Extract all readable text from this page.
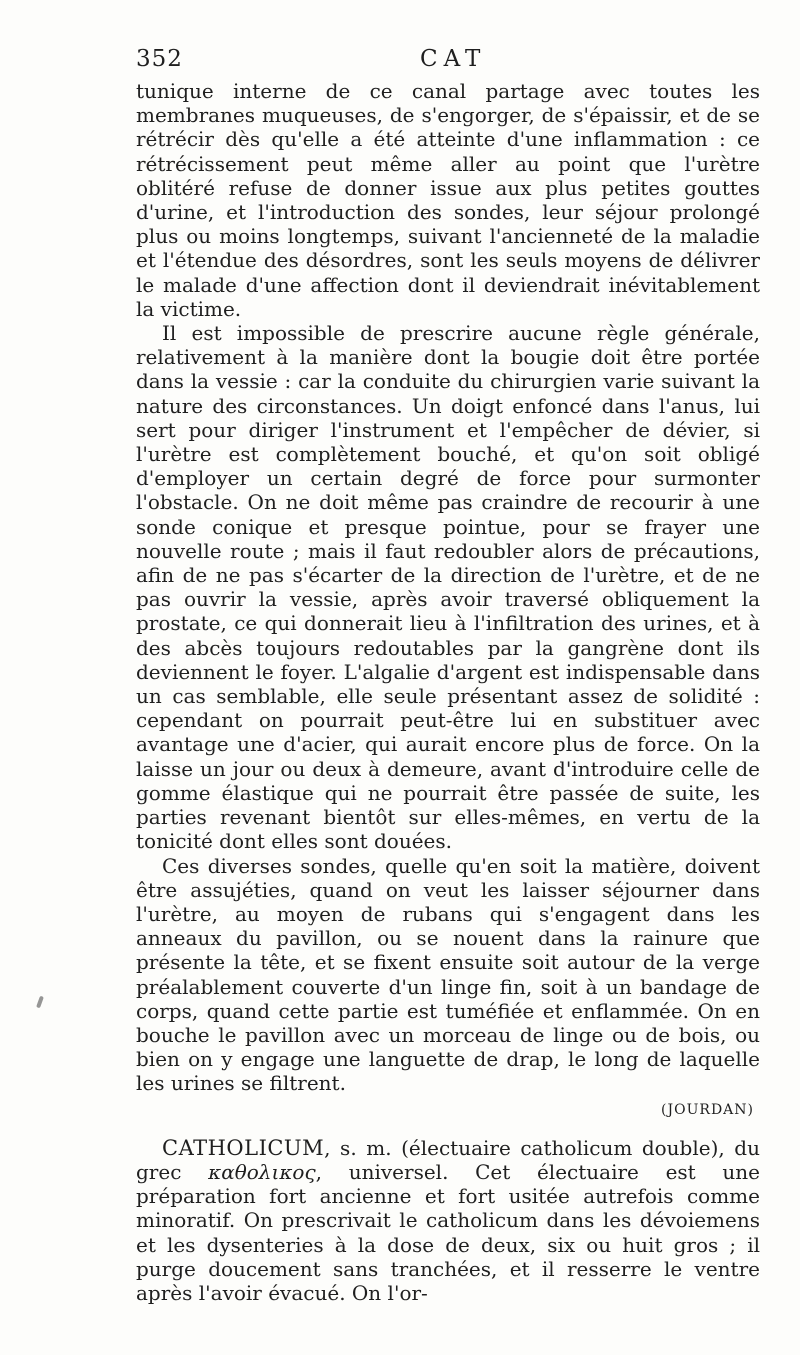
352	CAT

tunique interne de ce canal partage avec toutes les membranes muqueuses, de s'engorger, de s'épaissir, et de se rétrécir dès qu'elle a été atteinte d'une inflammation : ce rétrécissement peut même aller au point que l'urètre oblitéré refuse de donner issue aux plus petites gouttes d'urine, et l'introduction des sondes, leur séjour prolongé plus ou moins longtemps, suivant l'ancienneté de la maladie et l'étendue des désordres, sont les seuls moyens de délivrer le malade d'une affection dont il deviendrait inévitablement la victime.

Il est impossible de prescrire aucune règle générale, relativement à la manière dont la bougie doit être portée dans la vessie : car la conduite du chirurgien varie suivant la nature des circonstances. Un doigt enfoncé dans l'anus, lui sert pour diriger l'instrument et l'empêcher de dévier, si l'urètre est complètement bouché, et qu'on soit obligé d'employer un certain degré de force pour surmonter l'obstacle. On ne doit même pas craindre de recourir à une sonde conique et presque pointue, pour se frayer une nouvelle route ; mais il faut redoubler alors de précautions, afin de ne pas s'écarter de la direction de l'urètre, et de ne pas ouvrir la vessie, après avoir traversé obliquement la prostate, ce qui donnerait lieu à l'infiltration des urines, et à des abcès toujours redoutables par la gangrène dont ils deviennent le foyer. L'algalie d'argent est indispensable dans un cas semblable, elle seule présentant assez de solidité : cependant on pourrait peut-être lui en substituer avec avantage une d'acier, qui aurait encore plus de force. On la laisse un jour ou deux à demeure, avant d'introduire celle de gomme élastique qui ne pourrait être passée de suite, les parties revenant bientôt sur elles-mêmes, en vertu de la tonicité dont elles sont douées.

Ces diverses sondes, quelle qu'en soit la matière, doivent être assujéties, quand on veut les laisser séjourner dans l'urètre, au moyen de rubans qui s'engagent dans les anneaux du pavillon, ou se nouent dans la rainure que présente la tête, et se fixent ensuite soit autour de la verge préalablement couverte d'un linge fin, soit à un bandage de corps, quand cette partie est tuméfiée et enflammée. On en bouche le pavillon avec un morceau de linge ou de bois, ou bien on y engage une languette de drap, le long de laquelle les urines se filtrent.

(JOURDAN)

CATHOLICUM, s. m. (électuaire catholicum double), du grec καθολικος, universel. Cet électuaire est une préparation fort ancienne et fort usitée autrefois comme minoratif. On prescrivait le catholicum dans les dévoiemens et les dysenteries à la dose de deux, six ou huit gros ; il purge doucement sans tranchées, et il resserre le ventre après l'avoir évacué. On l'or-
